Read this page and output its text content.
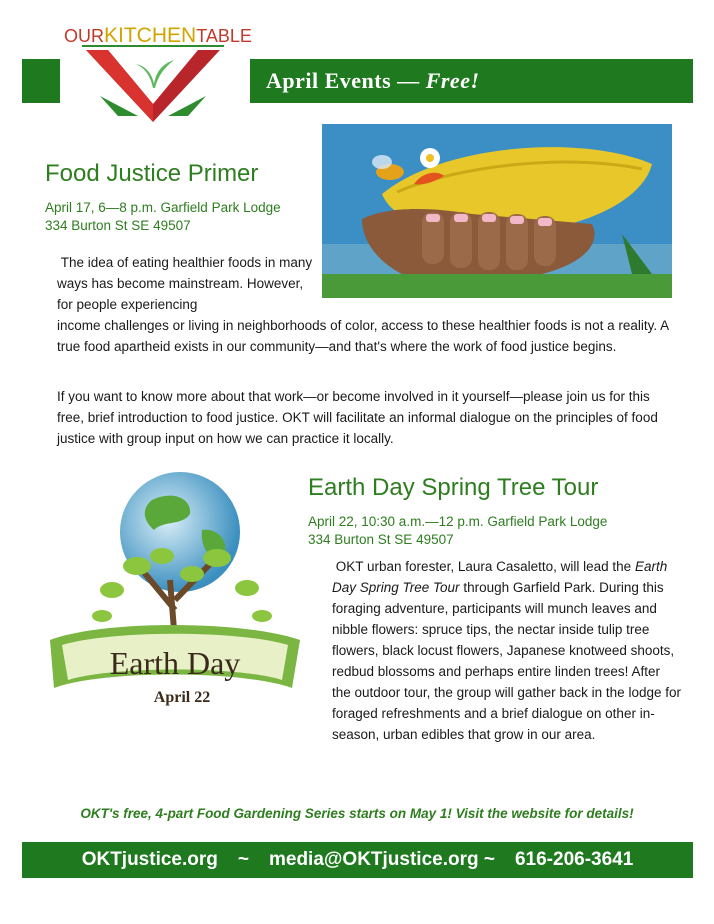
OURKITCHENTABLE
April Events — Free!
Food Justice Primer
April 17, 6—8 p.m. Garfield Park Lodge
334 Burton St SE 49507
The idea of eating healthier foods in many ways has become mainstream. However, for people experiencing
income challenges or living in neighborhoods of color, access to these healthier foods is not a reality. A true food apartheid exists in our community—and that's where the work of food justice begins.
If you want to know more about that work—or become involved in it yourself—please join us for this free, brief introduction to food justice. OKT will facilitate an informal dialogue on the principles of food justice with group input on how we can practice it locally.
Earth Day
April 22
Earth Day Spring Tree Tour
April 22, 10:30 a.m.—12 p.m. Garfield Park Lodge
334 Burton St SE 49507
OKT urban forester, Laura Casaletto, will lead the Earth Day Spring Tree Tour through Garfield Park. During this foraging adventure, participants will munch leaves and nibble flowers: spruce tips, the nectar inside tulip tree flowers, black locust flowers, Japanese knotweed shoots, redbud blossoms and perhaps entire linden trees! After the outdoor tour, the group will gather back in the lodge for foraged refreshments and a brief dialogue on other in-season, urban edibles that grow in our area.
OKT's free, 4-part Food Gardening Series starts on May 1! Visit the website for details!
OKTjustice.org ~ media@OKTjustice.org ~ 616-206-3641
